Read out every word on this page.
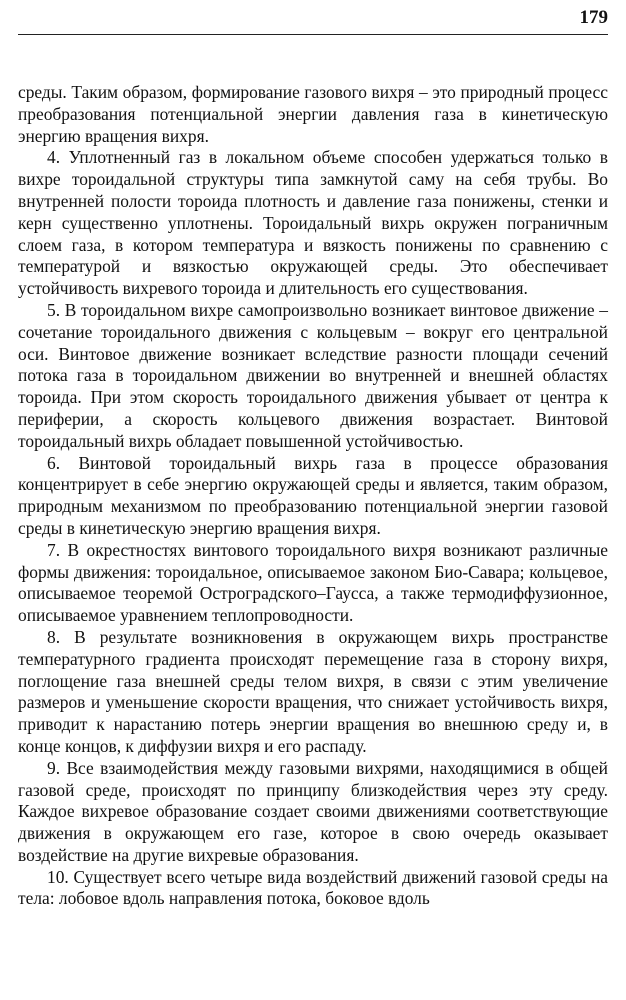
179

среды. Таким образом, формирование газового вихря – это природный процесс преобразования потенциальной энергии давления газа в кинетическую энергию вращения вихря.

4. Уплотненный газ в локальном объеме способен удержаться только в вихре тороидальной структуры типа замкнутой саму на себя трубы. Во внутренней полости тороида плотность и давление газа понижены, стенки и керн существенно уплотнены. Тороидальный вихрь окружен пограничным слоем газа, в котором температура и вязкость понижены по сравнению с температурой и вязкостью окружающей среды. Это обеспечивает устойчивость вихревого тороида и длительность его существования.

5. В тороидальном вихре самопроизвольно возникает винтовое движение – сочетание тороидального движения с кольцевым – вокруг его центральной оси. Винтовое движение возникает вследствие разности площади сечений потока газа в тороидальном движении во внутренней и внешней областях тороида. При этом скорость тороидального движения убывает от центра к периферии, а скорость кольцевого движения возрастает. Винтовой тороидальный вихрь обладает повышенной устойчивостью.

6. Винтовой тороидальный вихрь газа в процессе образования концентрирует в себе энергию окружающей среды и является, таким образом, природным механизмом по преобразованию потенциальной энергии газовой среды в кинетическую энергию вращения вихря.

7. В окрестностях винтового тороидального вихря возникают различные формы движения: тороидальное, описываемое законом Био-Савара; кольцевое, описываемое теоремой Остроградского–Гаусса, а также термодиффузионное, описываемое уравнением теплопроводности.

8. В результате возникновения в окружающем вихрь пространстве температурного градиента происходят перемещение газа в сторону вихря, поглощение газа внешней среды телом вихря, в связи с этим увеличение размеров и уменьшение скорости вращения, что снижает устойчивость вихря, приводит к нарастанию потерь энергии вращения во внешнюю среду и, в конце концов, к диффузии вихря и его распаду.

9. Все взаимодействия между газовыми вихрями, находящимися в общей газовой среде, происходят по принципу близкодействия через эту среду. Каждое вихревое образование создает своими движениями соответствующие движения в окружающем его газе, которое в свою очередь оказывает воздействие на другие вихревые образования.

10. Существует всего четыре вида воздействий движений газовой среды на тела: лобовое вдоль направления потока, боковое вдоль
